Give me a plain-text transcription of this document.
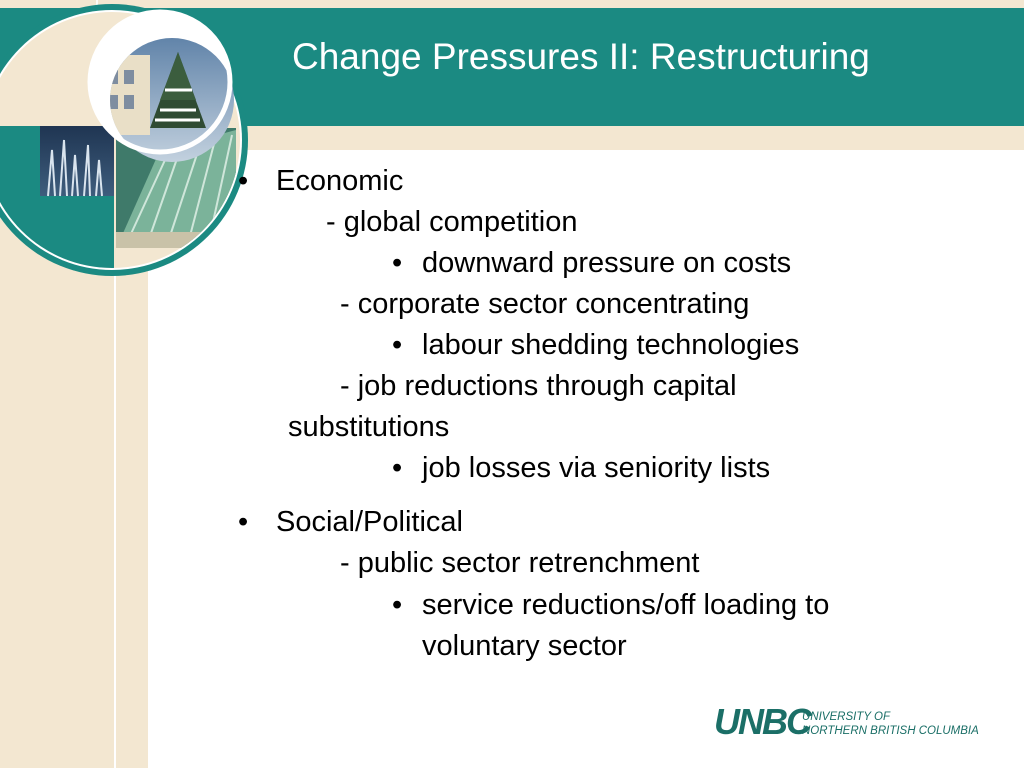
Change Pressures II: Restructuring
• Economic
- global competition
• downward pressure on costs
- corporate sector concentrating
• labour shedding technologies
- job reductions through capital
substitutions
• job losses via seniority lists
• Social/Political
- public sector retrenchment
• service reductions/off loading to
voluntary sector
UNBC
UNIVERSITY OF
NORTHERN BRITISH COLUMBIA
